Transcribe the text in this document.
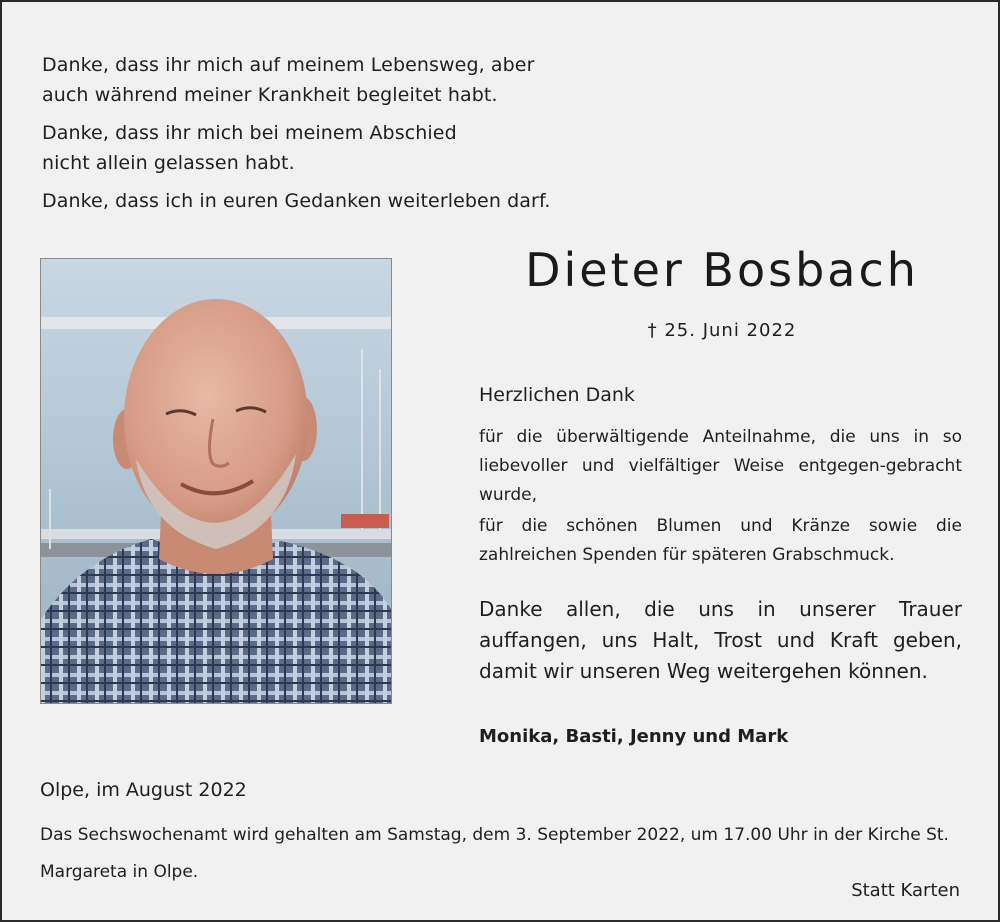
Danke, dass ihr mich auf meinem Lebensweg, aber
auch während meiner Krankheit begleitet habt.

Danke, dass ihr mich bei meinem Abschied
nicht allein gelassen habt.

Danke, dass ich in euren Gedanken weiterleben darf.

Dieter Bosbach
† 25. Juni 2022
Herzlichen Dank

für die überwältigende Anteilnahme, die uns in so liebevoller und vielfältiger Weise entgegen-gebracht wurde,

für die schönen Blumen und Kränze sowie die zahlreichen Spenden für späteren Grabschmuck.

Danke allen, die uns in unserer Trauer auffangen, uns Halt, Trost und Kraft geben, damit wir unseren Weg weitergehen können.

Monika, Basti, Jenny und Mark
Olpe, im August 2022

Das Sechswochenamt wird gehalten am Samstag, dem 3. September 2022, um 17.00 Uhr in der Kirche St. Margareta in Olpe.

Statt Karten
